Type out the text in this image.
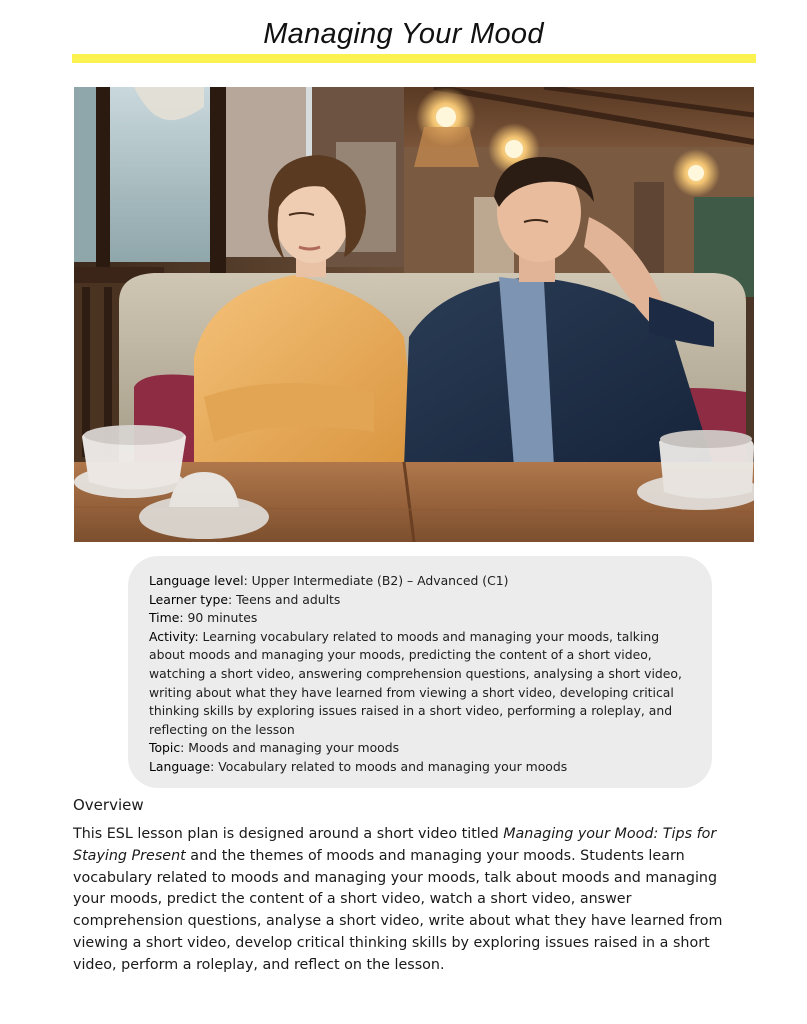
Managing Your Mood

Language level: Upper Intermediate (B2) – Advanced (C1)

Learner type: Teens and adults

Time: 90 minutes

Activity: Learning vocabulary related to moods and managing your moods, talking about moods and managing your moods, predicting the content of a short video, watching a short video, answering comprehension questions, analysing a short video, writing about what they have learned from viewing a short video, developing critical thinking skills by exploring issues raised in a short video, performing a roleplay, and reflecting on the lesson

Topic: Moods and managing your moods

Language: Vocabulary related to moods and managing your moods

Overview
This ESL lesson plan is designed around a short video titled Managing your Mood: Tips for Staying Present and the themes of moods and managing your moods. Students learn vocabulary related to moods and managing your moods, talk about moods and managing your moods, predict the content of a short video, watch a short video, answer comprehension questions, analyse a short video, write about what they have learned from viewing a short video, develop critical thinking skills by exploring issues raised in a short video, perform a roleplay, and reflect on the lesson.
